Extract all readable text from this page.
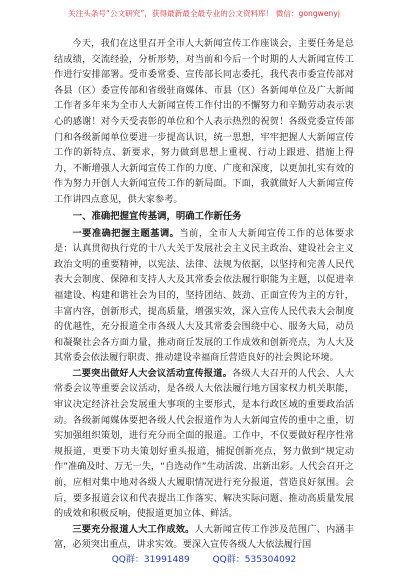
关注头条号“公文研究”，获得最新最全最专业的公文资料库！ 微信：gongwenyj

今天，我们在这里召开全市人大新闻宣传工作座谈会，主要任务是总结成绩，交流经验，分析形势，对当前和今后一个时期的人大新闻宣传工作进行安排部署。受市委常委、宣传部长同志委托，我代表市委宣传部对各县（区）委宣传部和省级驻商媒体、市县（区）各新闻单位及广大新闻工作者多年来为全市人大新闻宣传工作付出的不懈努力和辛勤劳动表示衷心的感谢！对今天受表彰的单位和个人表示热烈的祝贺！各级党委宣传部门和各级新闻单位要进一步提高认识，统一思想，牢牢把握人大新闻宣传工作的新特点、新要求，努力做到思想上重视、行动上跟进、措施上得力，不断增强人大新闻宣传工作的力度、广度和深度，以更加扎实有效的作为努力开创人大新闻宣传工作的新局面。下面，我就做好人大新闻宣传工作讲四点意见，供大家参考。

一、准确把握宣传基调，明确工作新任务

一要准确把握主题基调。当前，全市人大新闻宣传工作的总体要求是：认真贯彻执行党的十八大关于发展社会主义民主政治、建设社会主义政治文明的重要精神，以宪法、法律、法规为依据，以坚持和完善人民代表大会制度、保障和支持人大及其常委会依法履行职能为主题，以促进幸福建设、构建和谐社会为目的，坚持团结、鼓劲、正面宣传为主的方针，丰富内容，创新形式，提高质量，增强实效，深入宣传人民代表大会制度的优越性，充分报道全市各级人大及其常委会围绕中心、服务大局，动员和凝聚社会各方面力量，推动商丘发展的工作成效和创新亮点，为人大及其常委会依法履行职责、推动建设幸福商丘营造良好的社会舆论环境。

二要突出做好人大会议活动宣传报道。各级人大召开的人代会、人大常委会议等重要会议活动，是各级人大依法履行地方国家权力机关职能，审议决定经济社会发展重大事项的主要形式，是本行政区域的重要政治活动。各级新闻媒体要把各级人代会报道作为人大新闻宣传的重中之重，切实加强组织策划，进行充分而全面的报道。工作中，不仅要做好程序性常规报道，更要下功夫策划好重头报道，捕捉创新亮点，努力做到“规定动作”准确及时、万无一失，“自选动作”生动活泼、出新出彩。人代会召开之前，应相对集中地对各级人大履职情况进行充分报道，营造良好氛围。会后，要多报道会议和代表提出工作落实、解决实际问题、推动高质量发展的成效和积极反响，使报道更加立体、鲜活。

三要充分报道人大工作成效。人大新闻宣传工作涉及范围广、内涵丰富，必须突出重点，讲求实效。要深入宣传各级人大依法履行国

QQ群：31991489	QQ群：535304092
